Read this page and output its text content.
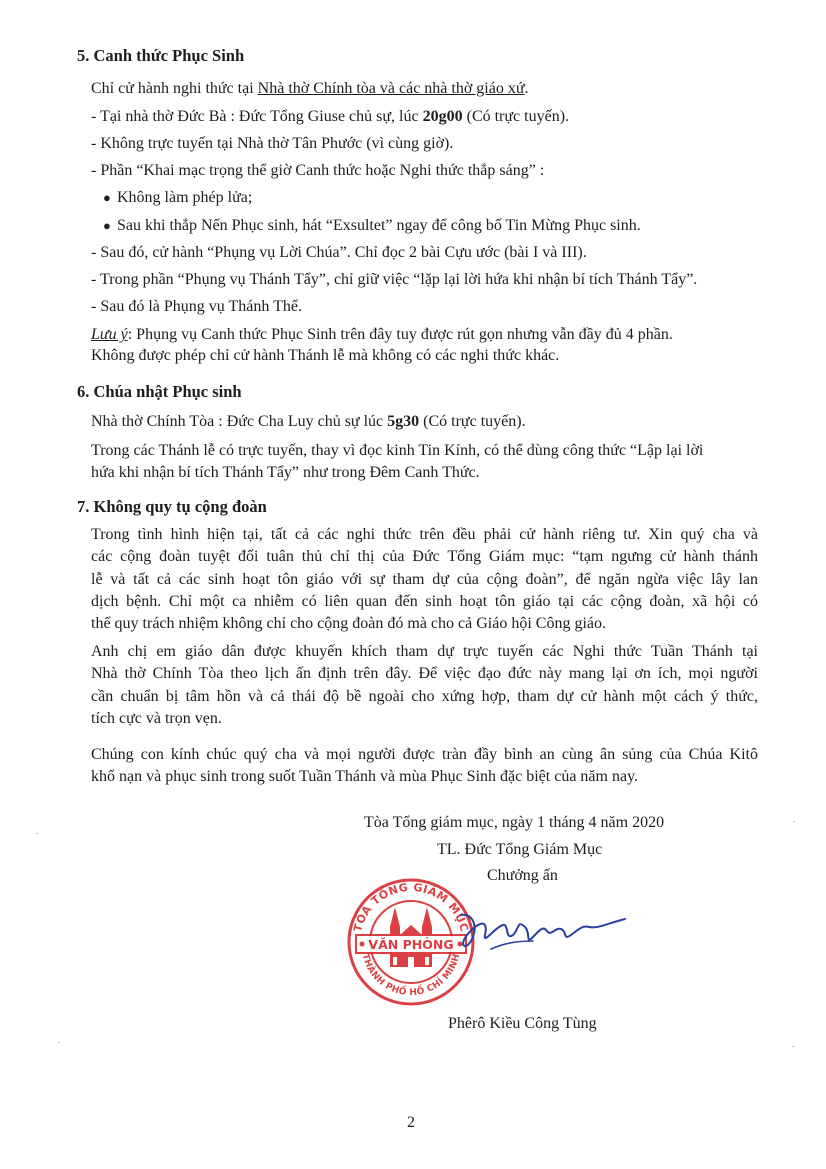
5. Canh thức Phục Sinh
Chỉ cử hành nghi thức tại Nhà thờ Chính tòa và các nhà thờ giáo xứ.
- Tại nhà thờ Đức Bà : Đức Tổng Giuse chủ sự, lúc 20g00 (Có trực tuyến).
- Không trực tuyến tại Nhà thờ Tân Phước (vì cùng giờ).
- Phần “Khai mạc trọng thể giờ Canh thức hoặc Nghi thức thắp sáng” :
● Không làm phép lửa;
● Sau khi thắp Nến Phục sinh, hát “Exsultet” ngay để công bố Tin Mừng Phục sinh.
- Sau đó, cử hành “Phụng vụ Lời Chúa”. Chỉ đọc 2 bài Cựu ước (bài I và III).
- Trong phần “Phụng vụ Thánh Tẩy”, chỉ giữ việc “lặp lại lời hứa khi nhận bí tích Thánh Tẩy”.
- Sau đó là Phụng vụ Thánh Thể.
Lưu ý: Phụng vụ Canh thức Phục Sinh trên đây tuy được rút gọn nhưng vẫn đầy đủ 4 phần.
Không được phép chỉ cử hành Thánh lễ mà không có các nghi thức khác.
6. Chúa nhật Phục sinh
Nhà thờ Chính Tòa : Đức Cha Luy chủ sự lúc 5g30 (Có trực tuyến).
Trong các Thánh lễ có trực tuyến, thay vì đọc kinh Tin Kính, có thể dùng công thức “Lập lại lời
hứa khi nhận bí tích Thánh Tẩy” như trong Đêm Canh Thức.
7. Không quy tụ cộng đoàn
Trong tình hình hiện tại, tất cả các nghi thức trên đều phải cử hành riêng tư. Xin quý cha và
các cộng đoàn tuyệt đối tuân thủ chỉ thị của Đức Tổng Giám mục: “tạm ngưng cử hành thánh
lễ và tất cả các sinh hoạt tôn giáo với sự tham dự của cộng đoàn”, để ngăn ngừa việc lây lan
dịch bệnh. Chỉ một ca nhiễm có liên quan đến sinh hoạt tôn giáo tại các cộng đoàn, xã hội có
thể quy trách nhiệm không chỉ cho cộng đoàn đó mà cho cả Giáo hội Công giáo.
Anh chị em giáo dân được khuyến khích tham dự trực tuyến các Nghi thức Tuần Thánh tại
Nhà thờ Chính Tòa theo lịch ấn định trên đây. Để việc đạo đức này mang lại ơn ích, mọi người
cần chuẩn bị tâm hồn và cả thái độ bề ngoài cho xứng hợp, tham dự cử hành một cách ý thức,
tích cực và trọn vẹn.
Chúng con kính chúc quý cha và mọi người được tràn đầy bình an cùng ân sủng của Chúa Kitô
khổ nạn và phục sinh trong suốt Tuần Thánh và mùa Phục Sinh đặc biệt của năm nay.
Tòa Tổng giám mục, ngày 1 tháng 4 năm 2020
TL. Đức Tổng Giám Mục
Chưởng ấn
TÒA TỔNG GIÁM MỤC
THÀNH PHỐ HỒ CHÍ MINH
VĂN PHÒNG
Phêrô Kiều Công Tùng
2
